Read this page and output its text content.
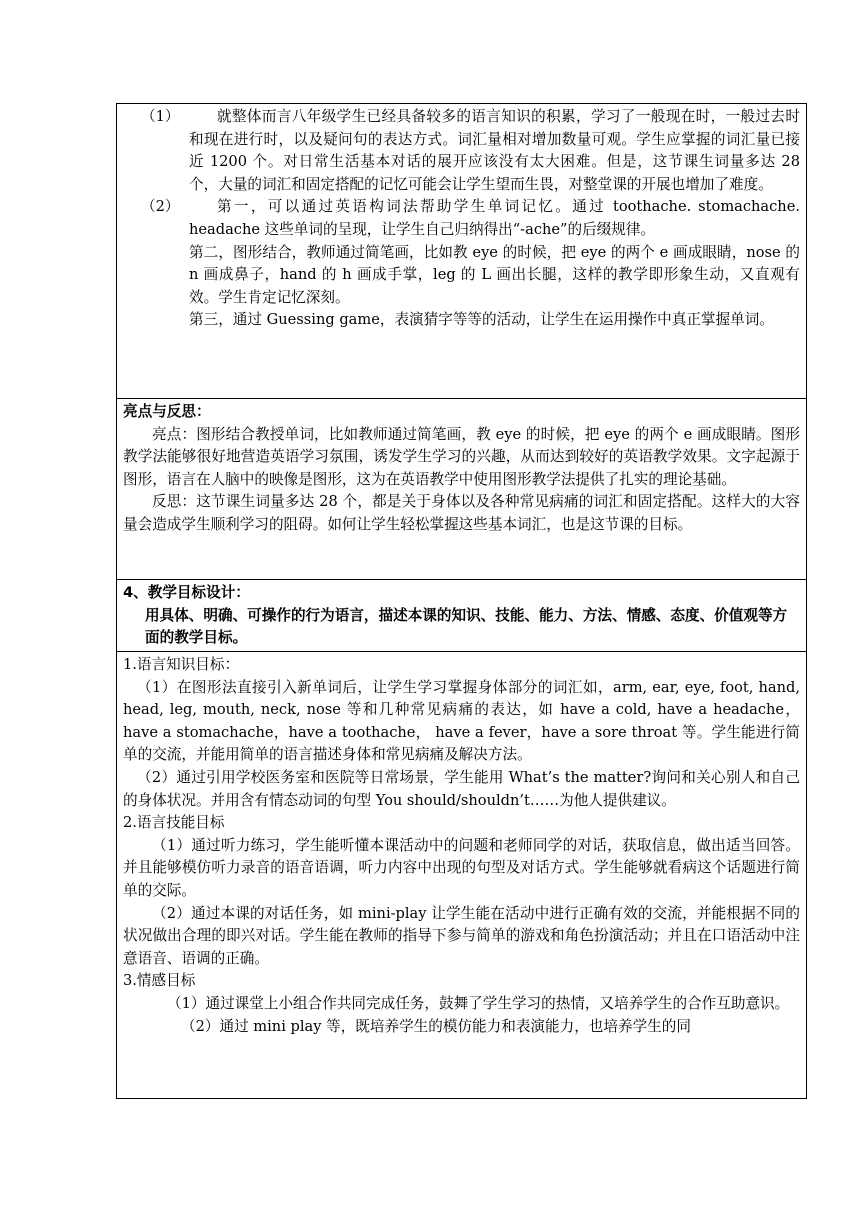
（1）	就整体而言八年级学生已经具备较多的语言知识的积累，学习了一般现在时，一般过去时和现在进行时，以及疑问句的表达方式。词汇量相对增加数量可观。学生应掌握的词汇量已接近 1200 个。对日常生活基本对话的展开应该没有太大困难。但是，这节课生词量多达 28 个，大量的词汇和固定搭配的记忆可能会让学生望而生畏，对整堂课的开展也增加了难度。
（2）	第一，可以通过英语构词法帮助学生单词记忆。通过 toothache. stomachache. headache 这些单词的呈现，让学生自己归纳得出“-ache”的后缀规律。
第二，图形结合，教师通过简笔画，比如教 eye 的时候，把 eye 的两个 e 画成眼睛，nose 的 n 画成鼻子，hand 的 h 画成手掌，leg 的 L 画出长腿，这样的教学即形象生动，又直观有效。学生肯定记忆深刻。
第三，通过 Guessing game，表演猜字等等的活动，让学生在运用操作中真正掌握单词。
亮点与反思：

亮点：图形结合教授单词，比如教师通过简笔画，教 eye 的时候，把 eye 的两个 e 画成眼睛。图形教学法能够很好地营造英语学习氛围，诱发学生学习的兴趣，从而达到较好的英语教学效果。文字起源于图形，语言在人脑中的映像是图形，这为在英语教学中使用图形教学法提供了扎实的理论基础。

反思：这节课生词量多达 28 个，都是关于身体以及各种常见病痛的词汇和固定搭配。这样大的大容量会造成学生顺利学习的阻碍。如何让学生轻松掌握这些基本词汇，也是这节课的目标。

4、教学目标设计：
用具体、明确、可操作的行为语言，描述本课的知识、技能、能力、方法、情感、态度、价值观等方面的教学目标。
1.语言知识目标：

（1）在图形法直接引入新单词后，让学生学习掌握身体部分的词汇如，arm, ear, eye, foot, hand, head, leg, mouth, neck, nose 等和几种常见病痛的表达，如 have a cold, have a headache，have a stomachache，have a toothache， have a fever，have a sore throat 等。学生能进行简单的交流，并能用简单的语言描述身体和常见病痛及解决方法。

（2）通过引用学校医务室和医院等日常场景，学生能用 What’s the matter?询问和关心别人和自己的身体状况。并用含有情态动词的句型 You should/shouldn’t……为他人提供建议。

2.语言技能目标

（1）通过听力练习，学生能听懂本课活动中的问题和老师同学的对话，获取信息，做出适当回答。并且能够模仿听力录音的语音语调，听力内容中出现的句型及对话方式。学生能够就看病这个话题进行简单的交际。

（2）通过本课的对话任务，如 mini-play 让学生能在活动中进行正确有效的交流，并能根据不同的状况做出合理的即兴对话。学生能在教师的指导下参与简单的游戏和角色扮演活动；并且在口语活动中注意语音、语调的正确。

3.情感目标

（1）通过课堂上小组合作共同完成任务，鼓舞了学生学习的热情，又培养学生的合作互助意识。

（2）通过 mini play 等，既培养学生的模仿能力和表演能力，也培养学生的同
